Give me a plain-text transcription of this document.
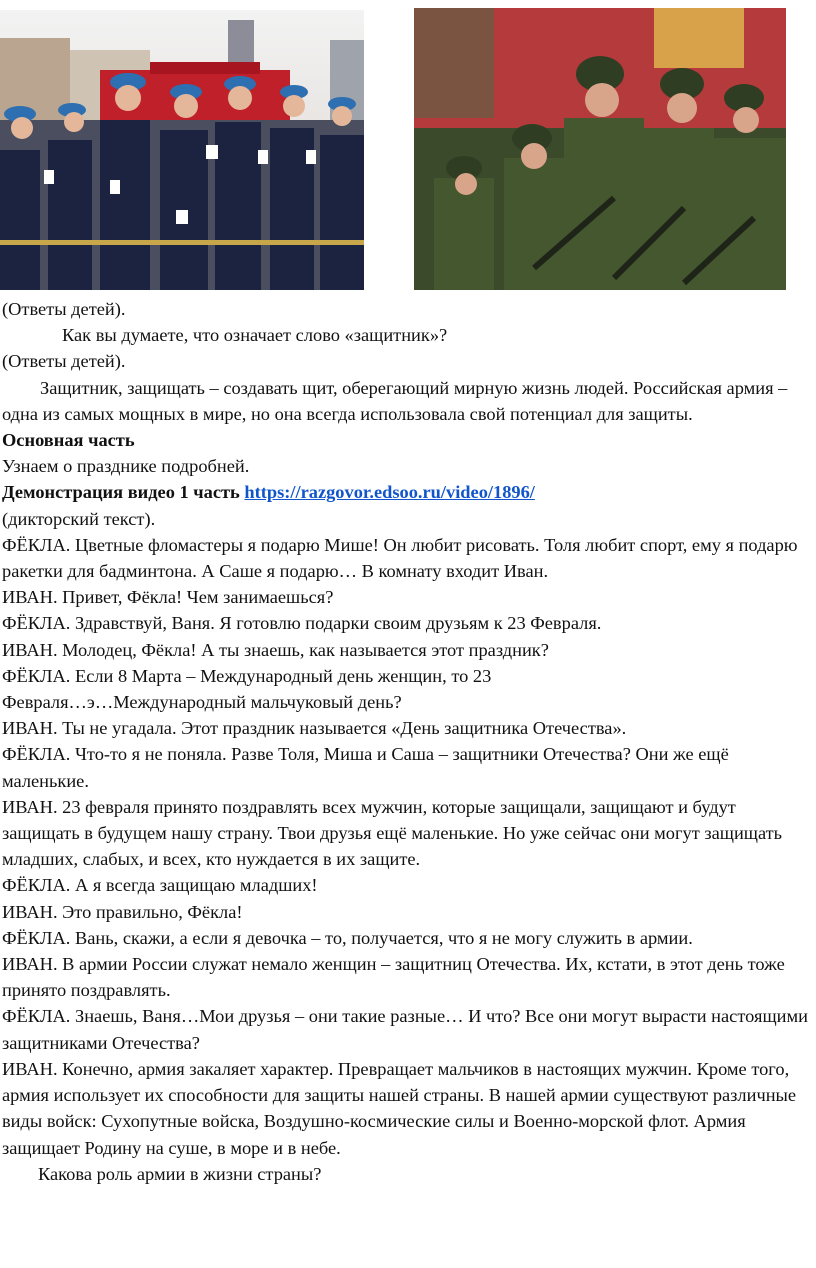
(Ответы детей).

Как вы думаете, что означает слово «защитник»?

(Ответы детей).

Защитник, защищать – создавать щит, оберегающий мирную жизнь людей. Российская армия – одна из самых мощных в мире, но она всегда использовала свой потенциал для защиты.

Основная часть

Узнаем о празднике подробней.

Демонстрация видео 1 часть https://razgovor.edsoo.ru/video/1896/

(дикторский текст).

ФЁКЛА. Цветные фломастеры я подарю Мише! Он любит рисовать. Толя любит спорт, ему я подарю ракетки для бадминтона. А Саше я подарю… В комнату входит Иван.

ИВАН. Привет, Фёкла! Чем занимаешься?

ФЁКЛА. Здравствуй, Ваня. Я готовлю подарки своим друзьям к 23 Февраля.

ИВАН. Молодец, Фёкла! А ты знаешь, как называется этот праздник?

ФЁКЛА. Если 8 Марта – Международный день женщин, то 23

Февраля…э…Международный мальчуковый день?

ИВАН. Ты не угадала. Этот праздник называется «День защитника Отечества».

ФЁКЛА. Что-то я не поняла. Разве Толя, Миша и Саша – защитники Отечества? Они же ещё маленькие.

ИВАН. 23 февраля принято поздравлять всех мужчин, которые защищали, защищают и будут защищать в будущем нашу страну. Твои друзья ещё маленькие. Но уже сейчас они могут защищать младших, слабых, и всех, кто нуждается в их защите.

ФЁКЛА. А я всегда защищаю младших!

ИВАН. Это правильно, Фёкла!

ФЁКЛА. Вань, скажи, а если я девочка – то, получается, что я не могу служить в армии.

ИВАН. В армии России служат немало женщин – защитниц Отечества. Их, кстати, в этот день тоже принято поздравлять.

ФЁКЛА. Знаешь, Ваня…Мои друзья – они такие разные… И что? Все они могут вырасти настоящими защитниками Отечества?

ИВАН. Конечно, армия закаляет характер. Превращает мальчиков в настоящих мужчин. Кроме того, армия использует их способности для защиты нашей страны. В нашей армии существуют различные виды войск: Сухопутные войска, Воздушно-космические силы и Военно-морской флот. Армия защищает Родину на суше, в море и в небе.

Какова роль армии в жизни страны?
